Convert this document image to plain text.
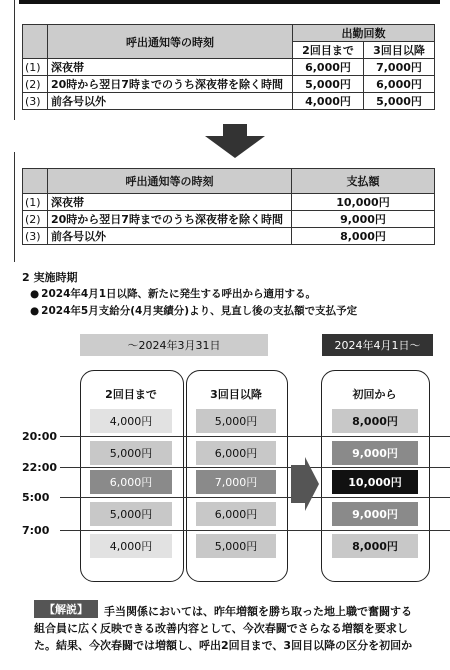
	呼出通知等の時刻	出勤回数	
		2回目まで	3回目以降
(1)	深夜帯	6,000円	7,000円
(2)	20時から翌日7時までのうち深夜帯を除く時間	5,000円	6,000円
(3)	前各号以外	4,000円	5,000円
	呼出通知等の時刻	支払額
(1)	深夜帯	10,000円
(2)	20時から翌日7時までのうち深夜帯を除く時間	9,000円
(3)	前各号以外	8,000円
2 実施時期
● 2024年4月1日以降、新たに発生する呼出から適用する。
● 2024年5月支給分(4月実績分)より、見直し後の支払額で支払予定
〜2024年3月31日	2024年4月1日〜
2回目まで	3回目以降	初回から
4,000円
5,000円
6,000円
5,000円
4,000円
5,000円
6,000円
7,000円
6,000円
5,000円
8,000円
9,000円
10,000円
9,000円
8,000円
20:00
22:00
5:00
7:00
手当関係においては、昨年増額を勝ち取った地上職で奮闘する
組合員に広く反映できる改善内容として、今次春闘でさらなる増額を要求し
た。結果、今次春闘では増額し、呼出2回目まで、3回目以降の区分を初回か
【解説】
